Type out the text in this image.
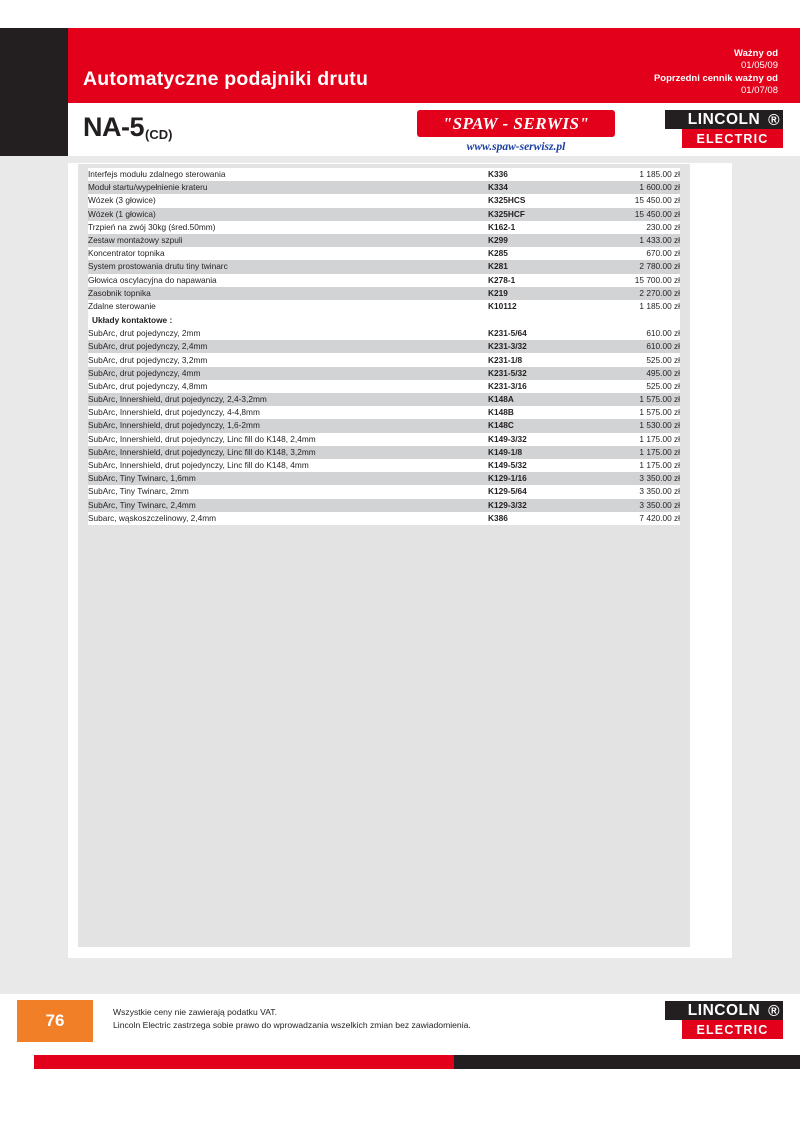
Automatyczne podajniki drutu
Ważny od
01/05/09
Poprzedni cennik ważny od
01/07/08
NA-5 (CD)
"SPAW - SERWIS"
www.spaw-serwisz.pl
LINCOLN ®
ELECTRIC
Interfejs modułu zdalnego sterowania	K336	1 185.00 zł
Moduł startu/wypełnienie krateru	K334	1 600.00 zł
Wózek (3 głowice)	K325HCS	15 450.00 zł
Wózek (1 głowica)	K325HCF	15 450.00 zł
Trzpień na zwój 30kg (śred.50mm)	K162-1	230.00 zł
Zestaw montażowy szpuli	K299	1 433.00 zł
Koncentrator topnika	K285	670.00 zł
System prostowania drutu tiny twinarc	K281	2 780.00 zł
Głowica oscylacyjna do napawania	K278-1	15 700.00 zł
Zasobnik topnika	K219	2 270.00 zł
Zdalne sterowanie	K10112	1 185.00 zł
Układy kontaktowe :		
SubArc, drut pojedynczy, 2mm	K231-5/64	610.00 zł
SubArc, drut pojedynczy, 2,4mm	K231-3/32	610.00 zł
SubArc, drut pojedynczy, 3,2mm	K231-1/8	525.00 zł
SubArc, drut pojedynczy, 4mm	K231-5/32	495.00 zł
SubArc, drut pojedynczy, 4,8mm	K231-3/16	525.00 zł
SubArc, Innershield, drut pojedynczy, 2,4-3,2mm	K148A	1 575.00 zł
SubArc, Innershield, drut pojedynczy, 4-4,8mm	K148B	1 575.00 zł
SubArc, Innershield, drut pojedynczy, 1,6-2mm	K148C	1 530.00 zł
SubArc, Innershield, drut pojedynczy, Linc fill do K148, 2,4mm	K149-3/32	1 175.00 zł
SubArc, Innershield, drut pojedynczy, Linc fill do K148, 3,2mm	K149-1/8	1 175.00 zł
SubArc, Innershield, drut pojedynczy, Linc fill do K148, 4mm	K149-5/32	1 175.00 zł
SubArc, Tiny Twinarc, 1,6mm	K129-1/16	3 350.00 zł
SubArc, Tiny Twinarc, 2mm	K129-5/64	3 350.00 zł
SubArc, Tiny Twinarc, 2,4mm	K129-3/32	3 350.00 zł
Subarc, wąskoszczelinowy, 2,4mm	K386	7 420.00 zł
76	Wszystkie ceny nie zawierają podatku VAT.
Lincoln Electric zastrzega sobie prawo do wprowadzania wszelkich zmian bez zawiadomienia.
LINCOLN ®
ELECTRIC
